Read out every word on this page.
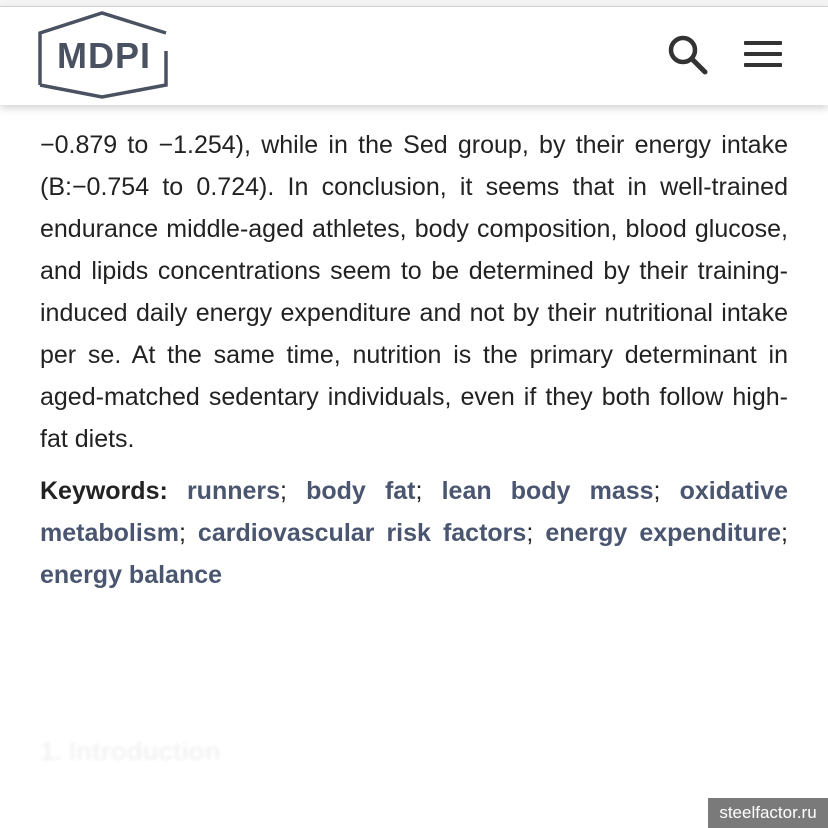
MDPI

−0.879 to −1.254), while in the Sed group, by their energy intake (B:−0.754 to 0.724). In conclusion, it seems that in well-trained endurance middle-aged athletes, body composition, blood glucose, and lipids concentrations seem to be determined by their training-induced daily energy expenditure and not by their nutritional intake per se. At the same time, nutrition is the primary determinant in aged-matched sedentary individuals, even if they both follow high-fat diets.

Keywords: runners; body fat; lean body mass; oxidative metabolism; cardiovascular risk factors; energy expenditure; energy balance

1. Introduction
steelfactor.ru
